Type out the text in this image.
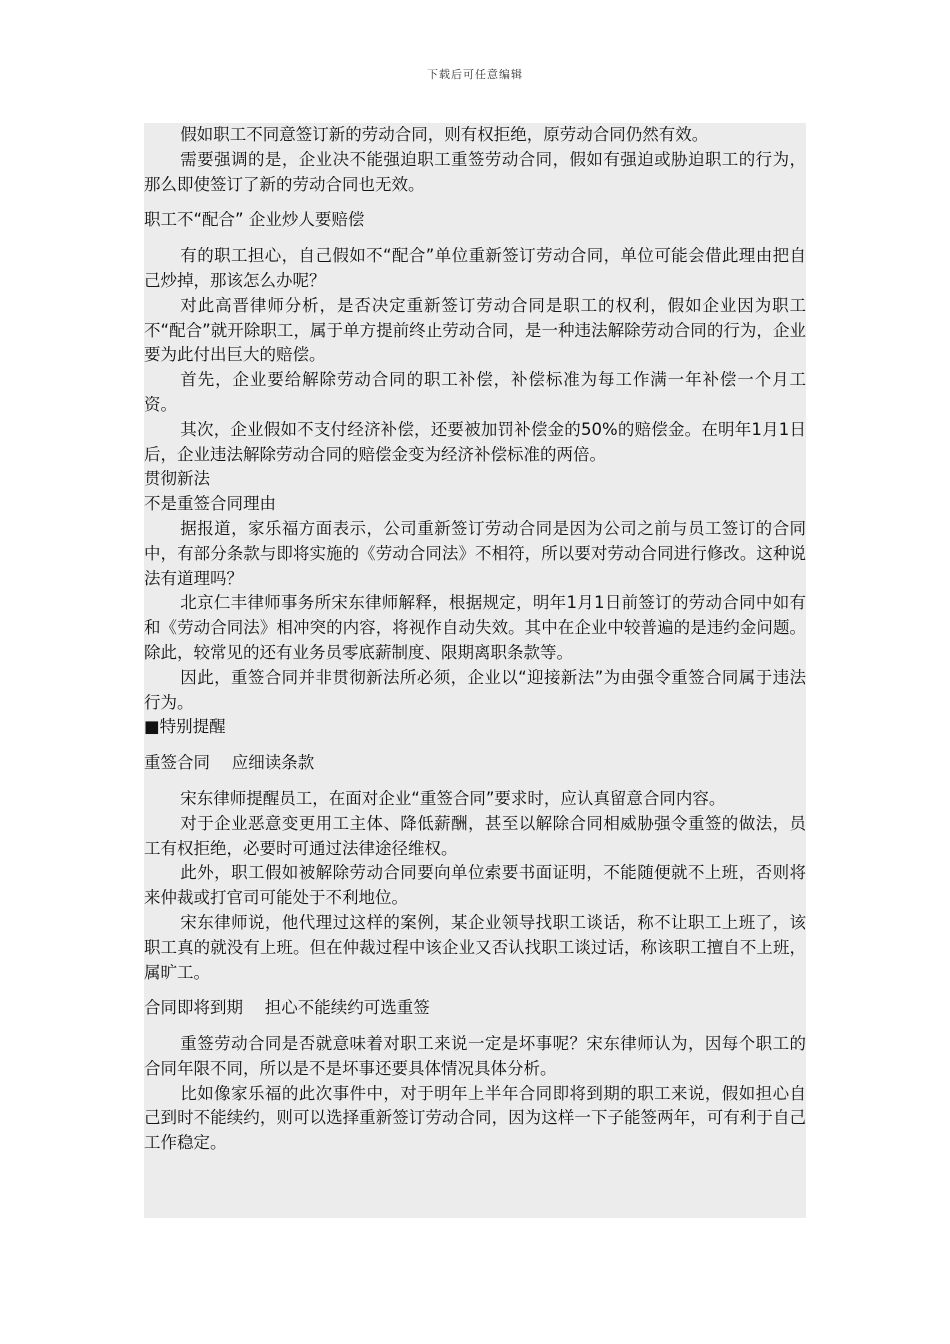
下载后可任意编辑

假如职工不同意签订新的劳动合同，则有权拒绝，原劳动合同仍然有效。

需要强调的是，企业决不能强迫职工重签劳动合同，假如有强迫或胁迫职工的行为，那么即使签订了新的劳动合同也无效。

职工不“配合” 企业炒人要赔偿

有的职工担心，自己假如不“配合”单位重新签订劳动合同，单位可能会借此理由把自己炒掉，那该怎么办呢？

对此高晋律师分析，是否决定重新签订劳动合同是职工的权利，假如企业因为职工不“配合”就开除职工，属于单方提前终止劳动合同，是一种违法解除劳动合同的行为，企业要为此付出巨大的赔偿。

首先，企业要给解除劳动合同的职工补偿，补偿标准为每工作满一年补偿一个月工资。

其次，企业假如不支付经济补偿，还要被加罚补偿金的50%的赔偿金。在明年1月1日后，企业违法解除劳动合同的赔偿金变为经济补偿标准的两倍。

贯彻新法

不是重签合同理由

据报道，家乐福方面表示，公司重新签订劳动合同是因为公司之前与员工签订的合同中，有部分条款与即将实施的《劳动合同法》不相符，所以要对劳动合同进行修改。这种说法有道理吗？

北京仁丰律师事务所宋东律师解释，根据规定，明年1月1日前签订的劳动合同中如有和《劳动合同法》相冲突的内容，将视作自动失效。其中在企业中较普遍的是违约金问题。除此，较常见的还有业务员零底薪制度、限期离职条款等。

因此，重签合同并非贯彻新法所必须，企业以“迎接新法”为由强令重签合同属于违法行为。

■特别提醒

重签合同　 应细读条款

宋东律师提醒员工，在面对企业“重签合同”要求时，应认真留意合同内容。

对于企业恶意变更用工主体、降低薪酬，甚至以解除合同相威胁强令重签的做法，员工有权拒绝，必要时可通过法律途径维权。

此外，职工假如被解除劳动合同要向单位索要书面证明，不能随便就不上班，否则将来仲裁或打官司可能处于不利地位。

宋东律师说，他代理过这样的案例，某企业领导找职工谈话，称不让职工上班了，该职工真的就没有上班。但在仲裁过程中该企业又否认找职工谈过话，称该职工擅自不上班，属旷工。

合同即将到期　 担心不能续约可选重签

重签劳动合同是否就意味着对职工来说一定是坏事呢？宋东律师认为，因每个职工的合同年限不同，所以是不是坏事还要具体情况具体分析。

比如像家乐福的此次事件中，对于明年上半年合同即将到期的职工来说，假如担心自己到时不能续约，则可以选择重新签订劳动合同，因为这样一下子能签两年，可有利于自己工作稳定。
